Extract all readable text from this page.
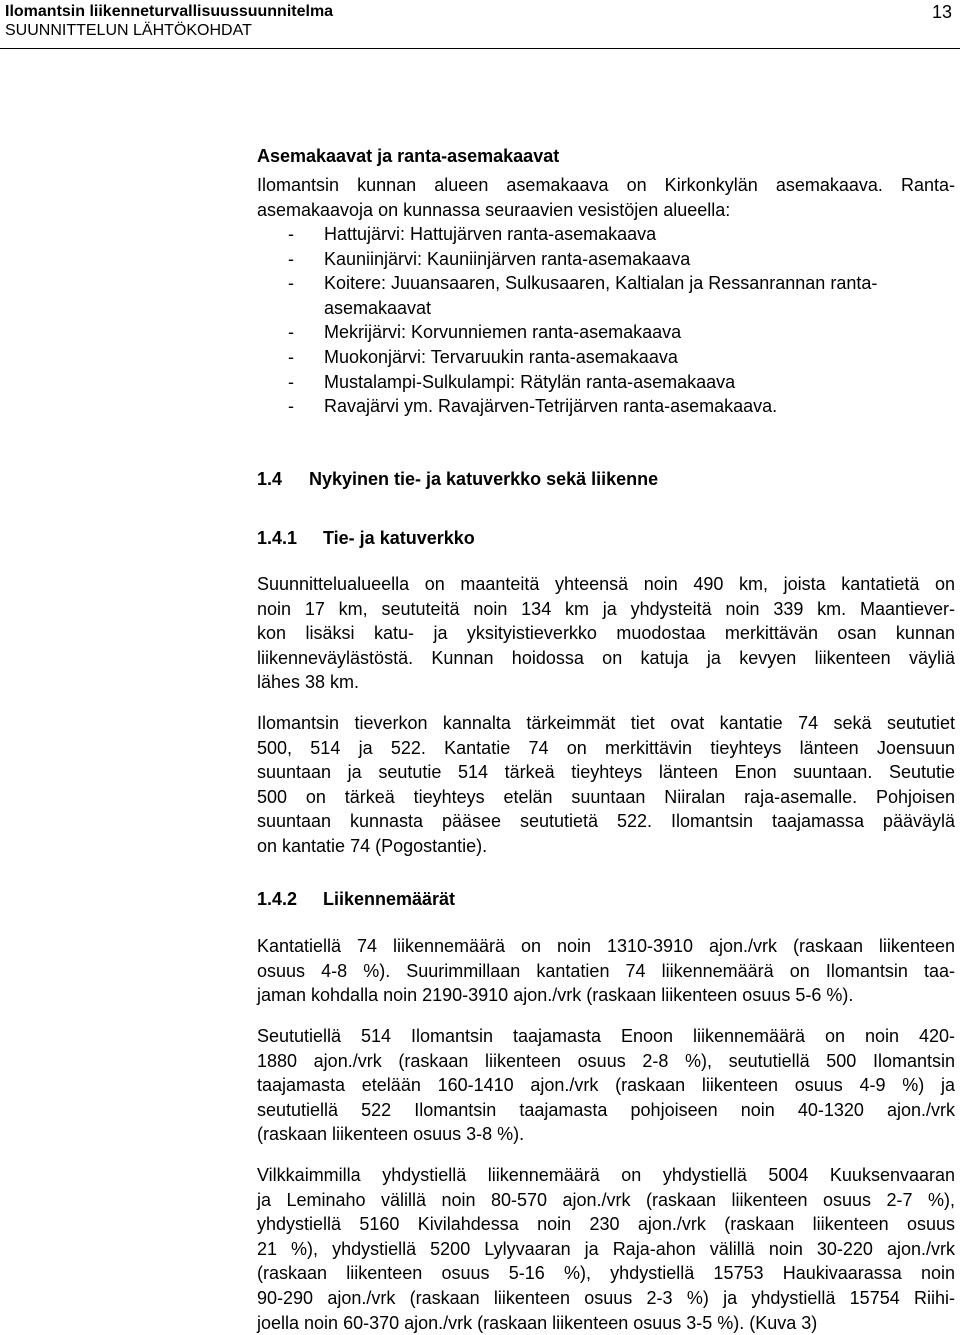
Ilomantsin liikenneturvallisuussuunnitelma
SUUNNITTELUN LÄHTÖKOHDAT
13
Asemakaavat ja ranta-asemakaavat
Ilomantsin kunnan alueen asemakaava on Kirkonkylän asemakaava. Ranta-
asemakaavoja on kunnassa seuraavien vesistöjen alueella:
-	Hattujärvi: Hattujärven ranta-asemakaava
-	Kauniinjärvi: Kauniinjärven ranta-asemakaava
-	Koitere: Juuansaaren, Sulkusaaren, Kaltialan ja Ressanrannan ranta-
asemakaavat
-	Mekrijärvi: Korvunniemen ranta-asemakaava
-	Muokonjärvi: Tervaruukin ranta-asemakaava
-	Mustalampi-Sulkulampi: Rätylän ranta-asemakaava
-	Ravajärvi ym. Ravajärven-Tetrijärven ranta-asemakaava.
1.4 Nykyinen tie- ja katuverkko sekä liikenne
1.4.1 Tie- ja katuverkko
Suunnittelualueella on maanteitä yhteensä noin 490 km, joista kantatietä on
noin 17 km, seututeitä noin 134 km ja yhdysteitä noin 339 km. Maantiever-
kon lisäksi katu- ja yksityistieverkko muodostaa merkittävän osan kunnan
liikenneväylästöstä. Kunnan hoidossa on katuja ja kevyen liikenteen väyliä
lähes 38 km.
Ilomantsin tieverkon kannalta tärkeimmät tiet ovat kantatie 74 sekä seututiet
500, 514 ja 522. Kantatie 74 on merkittävin tieyhteys länteen Joensuun
suuntaan ja seututie 514 tärkeä tieyhteys länteen Enon suuntaan. Seututie
500 on tärkeä tieyhteys etelän suuntaan Niiralan raja-asemalle. Pohjoisen
suuntaan kunnasta pääsee seututietä 522. Ilomantsin taajamassa pääväylä
on kantatie 74 (Pogostantie).
1.4.2 Liikennemäärät
Kantatiellä 74 liikennemäärä on noin 1310-3910 ajon./vrk (raskaan liikenteen
osuus 4-8 %). Suurimmillaan kantatien 74 liikennemäärä on Ilomantsin taa-
jaman kohdalla noin 2190-3910 ajon./vrk (raskaan liikenteen osuus 5-6 %).
Seututiellä 514 Ilomantsin taajamasta Enoon liikennemäärä on noin 420-
1880 ajon./vrk (raskaan liikenteen osuus 2-8 %), seututiellä 500 Ilomantsin
taajamasta etelään 160-1410 ajon./vrk (raskaan liikenteen osuus 4-9 %) ja
seututiellä 522 Ilomantsin taajamasta pohjoiseen noin 40-1320 ajon./vrk
(raskaan liikenteen osuus 3-8 %).
Vilkkaimmilla yhdystiellä liikennemäärä on yhdystiellä 5004 Kuuksenvaaran
ja Leminaho välillä noin 80-570 ajon./vrk (raskaan liikenteen osuus 2-7 %),
yhdystiellä 5160 Kivilahdessa noin 230 ajon./vrk (raskaan liikenteen osuus
21 %), yhdystiellä 5200 Lylyvaaran ja Raja-ahon välillä noin 30-220 ajon./vrk
(raskaan liikenteen osuus 5-16 %), yhdystiellä 15753 Haukivaarassa noin
90-290 ajon./vrk (raskaan liikenteen osuus 2-3 %) ja yhdystiellä 15754 Riihi-
joella noin 60-370 ajon./vrk (raskaan liikenteen osuus 3-5 %). (Kuva 3)
